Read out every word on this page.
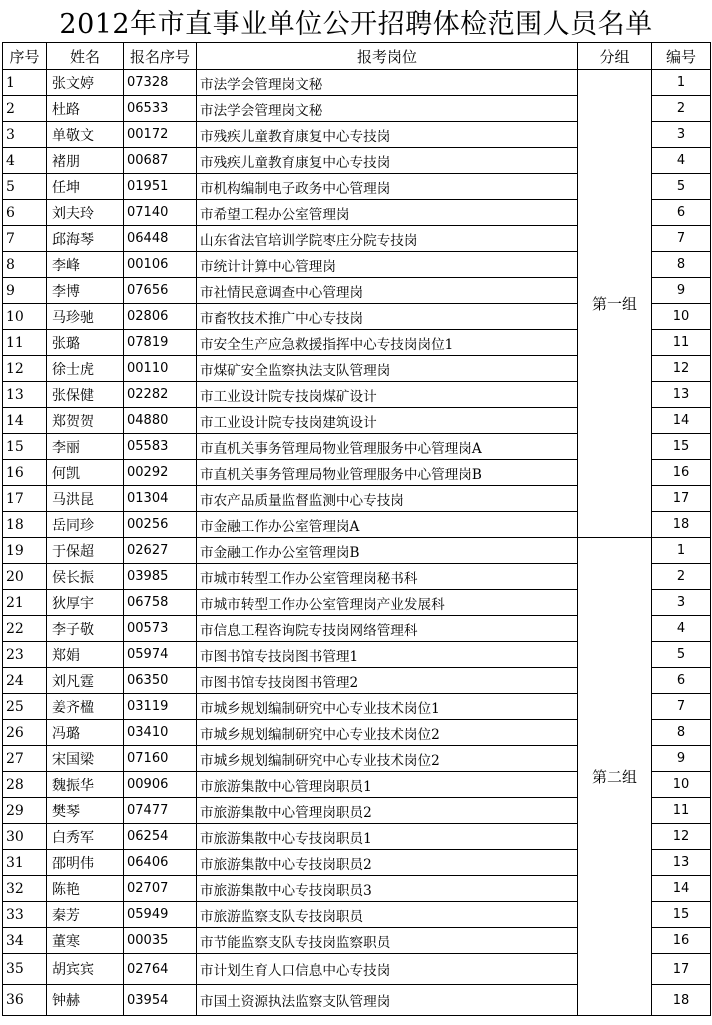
2012年市直事业单位公开招聘体检范围人员名单
序号	姓名	报名序号	报考岗位	分组	编号
1	张文婷	07328	市法学会管理岗文秘	第一组	1
2	杜路	06533	市法学会管理岗文秘		2
3	单敬文	00172	市残疾儿童教育康复中心专技岗		3
4	褚朋	00687	市残疾儿童教育康复中心专技岗		4
5	任坤	01951	市机构编制电子政务中心管理岗		5
6	刘夫玲	07140	市希望工程办公室管理岗		6
7	邱海琴	06448	山东省法官培训学院枣庄分院专技岗		7
8	李峰	00106	市统计计算中心管理岗		8
9	李博	07656	市社情民意调查中心管理岗		9
10	马珍驰	02806	市畜牧技术推广中心专技岗		10
11	张璐	07819	市安全生产应急救援指挥中心专技岗岗位1		11
12	徐士虎	00110	市煤矿安全监察执法支队管理岗		12
13	张保健	02282	市工业设计院专技岗煤矿设计		13
14	郑贺贺	04880	市工业设计院专技岗建筑设计		14
15	李丽	05583	市直机关事务管理局物业管理服务中心管理岗A		15
16	何凯	00292	市直机关事务管理局物业管理服务中心管理岗B		16
17	马洪昆	01304	市农产品质量监督监测中心专技岗		17
18	岳同珍	00256	市金融工作办公室管理岗A		18
19	于保超	02627	市金融工作办公室管理岗B	第二组	1
20	侯长振	03985	市城市转型工作办公室管理岗秘书科		2
21	狄厚宇	06758	市城市转型工作办公室管理岗产业发展科		3
22	李子敬	00573	市信息工程咨询院专技岗网络管理科		4
23	郑娟	05974	市图书馆专技岗图书管理1		5
24	刘凡霆	06350	市图书馆专技岗图书管理2		6
25	姜齐楹	03119	市城乡规划编制研究中心专业技术岗位1		7
26	冯璐	03410	市城乡规划编制研究中心专业技术岗位2		8
27	宋国梁	07160	市城乡规划编制研究中心专业技术岗位2		9
28	魏振华	00906	市旅游集散中心管理岗职员1		10
29	樊琴	07477	市旅游集散中心管理岗职员2		11
30	白秀军	06254	市旅游集散中心专技岗职员1		12
31	邵明伟	06406	市旅游集散中心专技岗职员2		13
32	陈艳	02707	市旅游集散中心专技岗职员3		14
33	秦芳	05949	市旅游监察支队专技岗职员		15
34	董寒	00035	市节能监察支队专技岗监察职员		16
35	胡宾宾	02764	市计划生育人口信息中心专技岗		17
36	钟赫	03954	市国土资源执法监察支队管理岗		18
